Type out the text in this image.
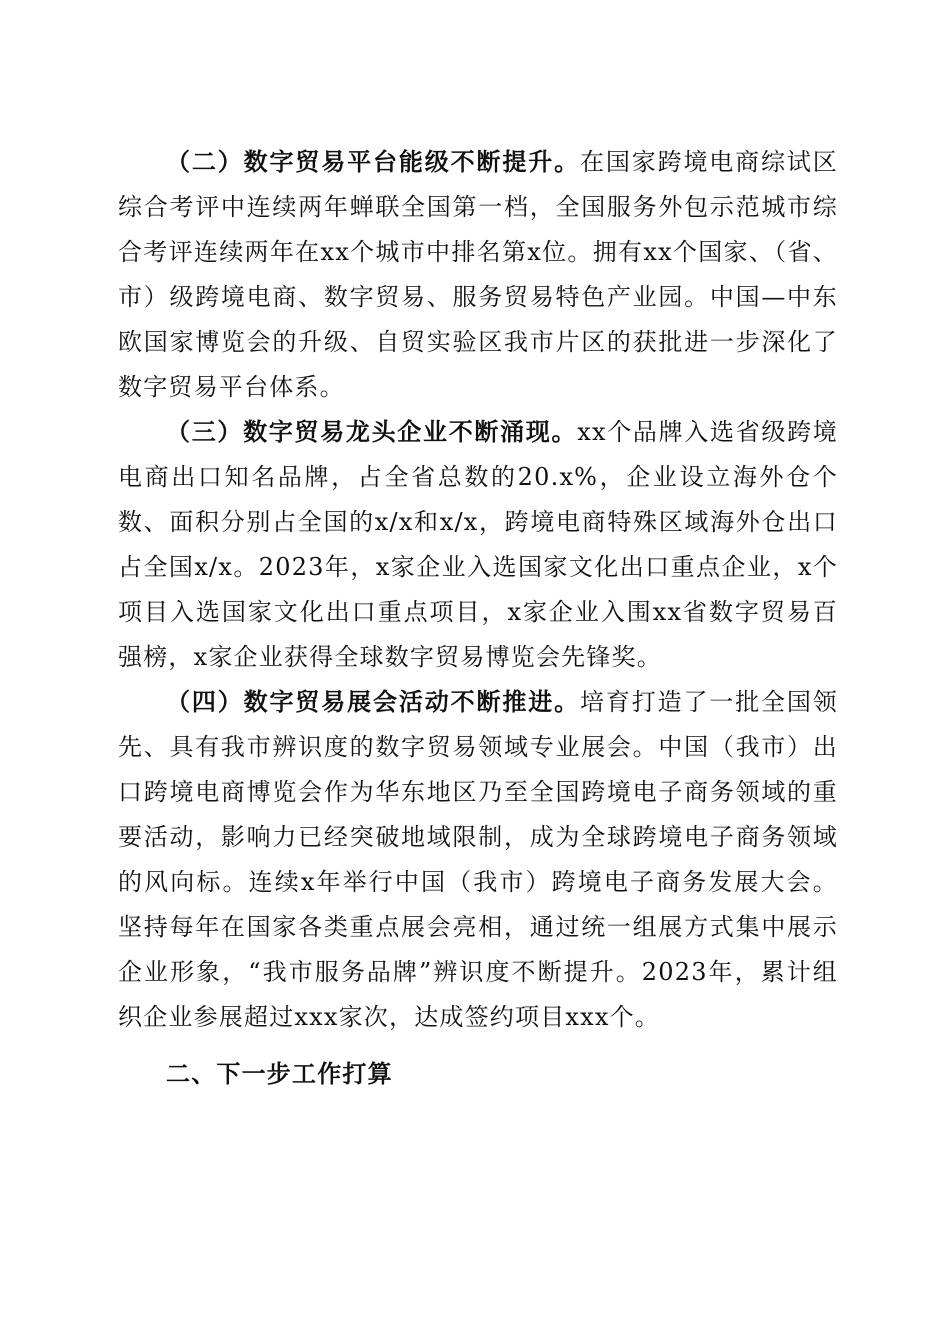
（二）数字贸易平台能级不断提升。在国家跨境电商综试区综合考评中连续两年蝉联全国第一档，全国服务外包示范城市综合考评连续两年在xx个城市中排名第x位。拥有xx个国家、（省、市）级跨境电商、数字贸易、服务贸易特色产业园。中国—中东欧国家博览会的升级、自贸实验区我市片区的获批进一步深化了数字贸易平台体系。

（三）数字贸易龙头企业不断涌现。xx个品牌入选省级跨境电商出口知名品牌，占全省总数的20.x%，企业设立海外仓个数、面积分别占全国的x/x和x/x，跨境电商特殊区域海外仓出口占全国x/x。2023年，x家企业入选国家文化出口重点企业，x个项目入选国家文化出口重点项目，x家企业入围xx省数字贸易百强榜，x家企业获得全球数字贸易博览会先锋奖。

（四）数字贸易展会活动不断推进。培育打造了一批全国领先、具有我市辨识度的数字贸易领域专业展会。中国（我市）出口跨境电商博览会作为华东地区乃至全国跨境电子商务领域的重要活动，影响力已经突破地域限制，成为全球跨境电子商务领域的风向标。连续x年举行中国（我市）跨境电子商务发展大会。坚持每年在国家各类重点展会亮相，通过统一组展方式集中展示企业形象，“我市服务品牌”辨识度不断提升。2023年，累计组织企业参展超过xxx家次，达成签约项目xxx个。

二、下一步工作打算
